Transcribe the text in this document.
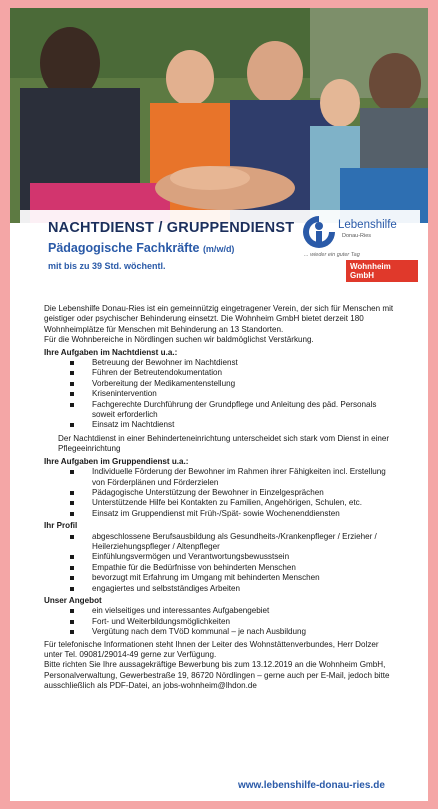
NACHTDIENST / GRUPPENDIENST
Pädagogische Fachkräfte (m/w/d)
mit bis zu 39 Std. wöchentl.
Lebenshilfe
Donau-Ries
... wieder ein guter Tag
Wohnheim GmbH

Die Lebenshilfe Donau-Ries ist ein gemeinnützig eingetragener Verein, der sich für Menschen mit geistiger oder psychischer Behinderung einsetzt. Die Wohnheim GmbH bietet derzeit 180 Wohnheimplätze für Menschen mit Behinderung an 13 Standorten.

Für die Wohnbereiche in Nördlingen suchen wir baldmöglichst Verstärkung.

Ihre Aufgaben im Nachtdienst u.a.:

Betreuung der Bewohner im Nachtdienst
Führen der Betreutendokumentation
Vorbereitung der Medikamentenstellung
Krisenintervention
Fachgerechte Durchführung der Grundpflege und Anleitung des päd. Personals soweit erforderlich
Einsatz im Nachtdienst

Der Nachtdienst in einer Behinderteneinrichtung unterscheidet sich stark vom Dienst in einer Pflegeeinrichtung

Ihre Aufgaben im Gruppendienst u.a.:

Individuelle Förderung der Bewohner im Rahmen ihrer Fähigkeiten incl. Erstellung von Förderplänen und Förderzielen
Pädagogische Unterstützung der Bewohner in Einzelgesprächen
Unterstützende Hilfe bei Kontakten zu Familien, Angehörigen, Schulen, etc.
Einsatz im Gruppendienst mit Früh-/Spät- sowie Wochenenddiensten

Ihr Profil

abgeschlossene Berufsausbildung als Gesundheits-/Krankenpfleger / Erzieher / Heilerziehungspfleger / Altenpfleger
Einfühlungsvermögen und Verantwortungsbewusstsein
Empathie für die Bedürfnisse von behinderten Menschen
bevorzugt mit Erfahrung im Umgang mit behinderten Menschen
engagiertes und selbstständiges Arbeiten

Unser Angebot

ein vielseitiges und interessantes Aufgabengebiet
Fort- und Weiterbildungsmöglichkeiten
Vergütung nach dem TVöD kommunal – je nach Ausbildung

Für telefonische Informationen steht Ihnen der Leiter des Wohnstättenverbundes, Herr Dolzer unter Tel. 09081/29014-49 gerne zur Verfügung.

Bitte richten Sie Ihre aussagekräftige Bewerbung bis zum 13.12.2019 an die Wohnheim GmbH, Personalverwaltung, Gewerbestraße 19, 86720 Nördlingen – gerne auch per E-Mail, jedoch bitte ausschließlich als PDF-Datei, an jobs-wohnheim@lhdon.de

www.lebenshilfe-donau-ries.de
